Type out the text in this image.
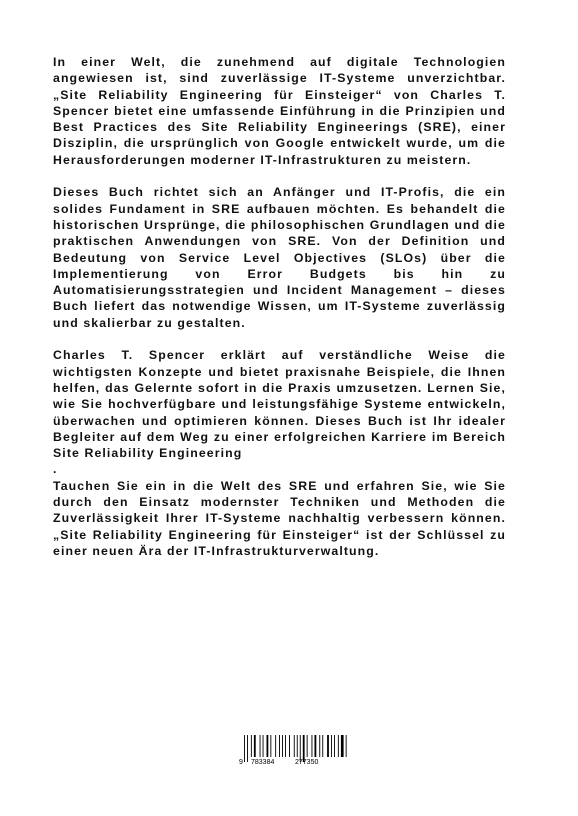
In einer Welt, die zunehmend auf digitale Technologien angewiesen ist, sind zuverlässige IT-Systeme unverzichtbar. „Site Reliability Engineering für Einsteiger“ von Charles T. Spencer bietet eine umfassende Einführung in die Prinzipien und Best Practices des Site Reliability Engineerings (SRE), einer Disziplin, die ursprünglich von Google entwickelt wurde, um die Herausforderungen moderner IT-Infrastrukturen zu meistern.

Dieses Buch richtet sich an Anfänger und IT-Profis, die ein solides Fundament in SRE aufbauen möchten. Es behandelt die historischen Ursprünge, die philosophischen Grundlagen und die praktischen Anwendungen von SRE. Von der Definition und Bedeutung von Service Level Objectives (SLOs) über die Implementierung von Error Budgets bis hin zu Automatisierungsstrategien und Incident Management – dieses Buch liefert das notwendige Wissen, um IT-Systeme zuverlässig und skalierbar zu gestalten.

Charles T. Spencer erklärt auf verständliche Weise die wichtigsten Konzepte und bietet praxisnahe Beispiele, die Ihnen helfen, das Gelernte sofort in die Praxis umzusetzen. Lernen Sie, wie Sie hochverfügbare und leistungsfähige Systeme entwickeln, überwachen und optimieren können. Dieses Buch ist Ihr idealer Begleiter auf dem Weg zu einer erfolgreichen Karriere im Bereich Site Reliability Engineering

.

Tauchen Sie ein in die Welt des SRE und erfahren Sie, wie Sie durch den Einsatz modernster Techniken und Methoden die Zuverlässigkeit Ihrer IT-Systeme nachhaltig verbessern können. „Site Reliability Engineering für Einsteiger“ ist der Schlüssel zu einer neuen Ära der IT-Infrastrukturverwaltung.

9 783384	277350
